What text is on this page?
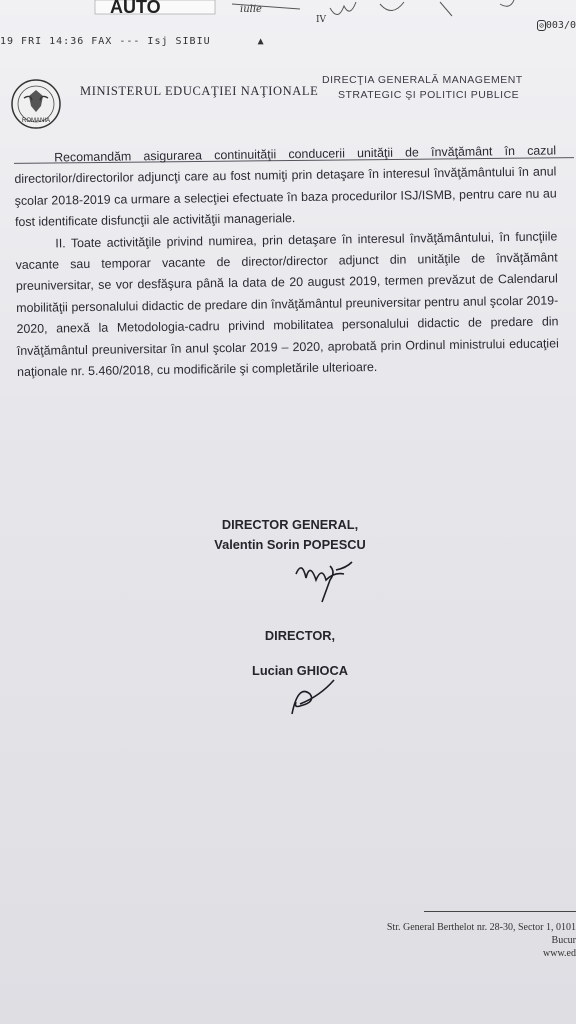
AUTO	iulie
IV
19 FRI 14:36 FAX --- Isj SIBIU	▲
⊘ 003/0
ROMANIA
MINISTERUL EDUCAŢIEI NAŢIONALE
DIRECŢIA GENERALĂ MANAGEMENT
STRATEGIC ŞI POLITICI PUBLICE

Recomandăm asigurarea continuităţii conducerii unităţii de învăţământ în cazul directorilor/directorilor adjuncţi care au fost numiţi prin detaşare în interesul învăţământului în anul şcolar 2018-2019 ca urmare a selecţiei efectuate în baza procedurilor ISJ/ISMB, pentru care nu au fost identificate disfuncţii ale activităţii manageriale.

II. Toate activităţile privind numirea, prin detaşare în interesul învăţământului, în funcţiile vacante sau temporar vacante de director/director adjunct din unităţile de învăţământ preuniversitar, se vor desfăşura până la data de 20 august 2019, termen prevăzut de Calendarul mobilităţii personalului didactic de predare din învăţământul preuniversitar pentru anul şcolar 2019-2020, anexă la Metodologia-cadru privind mobilitatea personalului didactic de predare din învăţământul preuniversitar în anul şcolar 2019 – 2020, aprobată prin Ordinul ministrului educaţiei naţionale nr. 5.460/2018, cu modificările şi completările ulterioare.

DIRECTOR GENERAL,
Valentin Sorin POPESCU
DIRECTOR,
Lucian GHIOCA
Str. General Berthelot nr. 28-30, Sector 1, 0101
Bucur
www.ed
